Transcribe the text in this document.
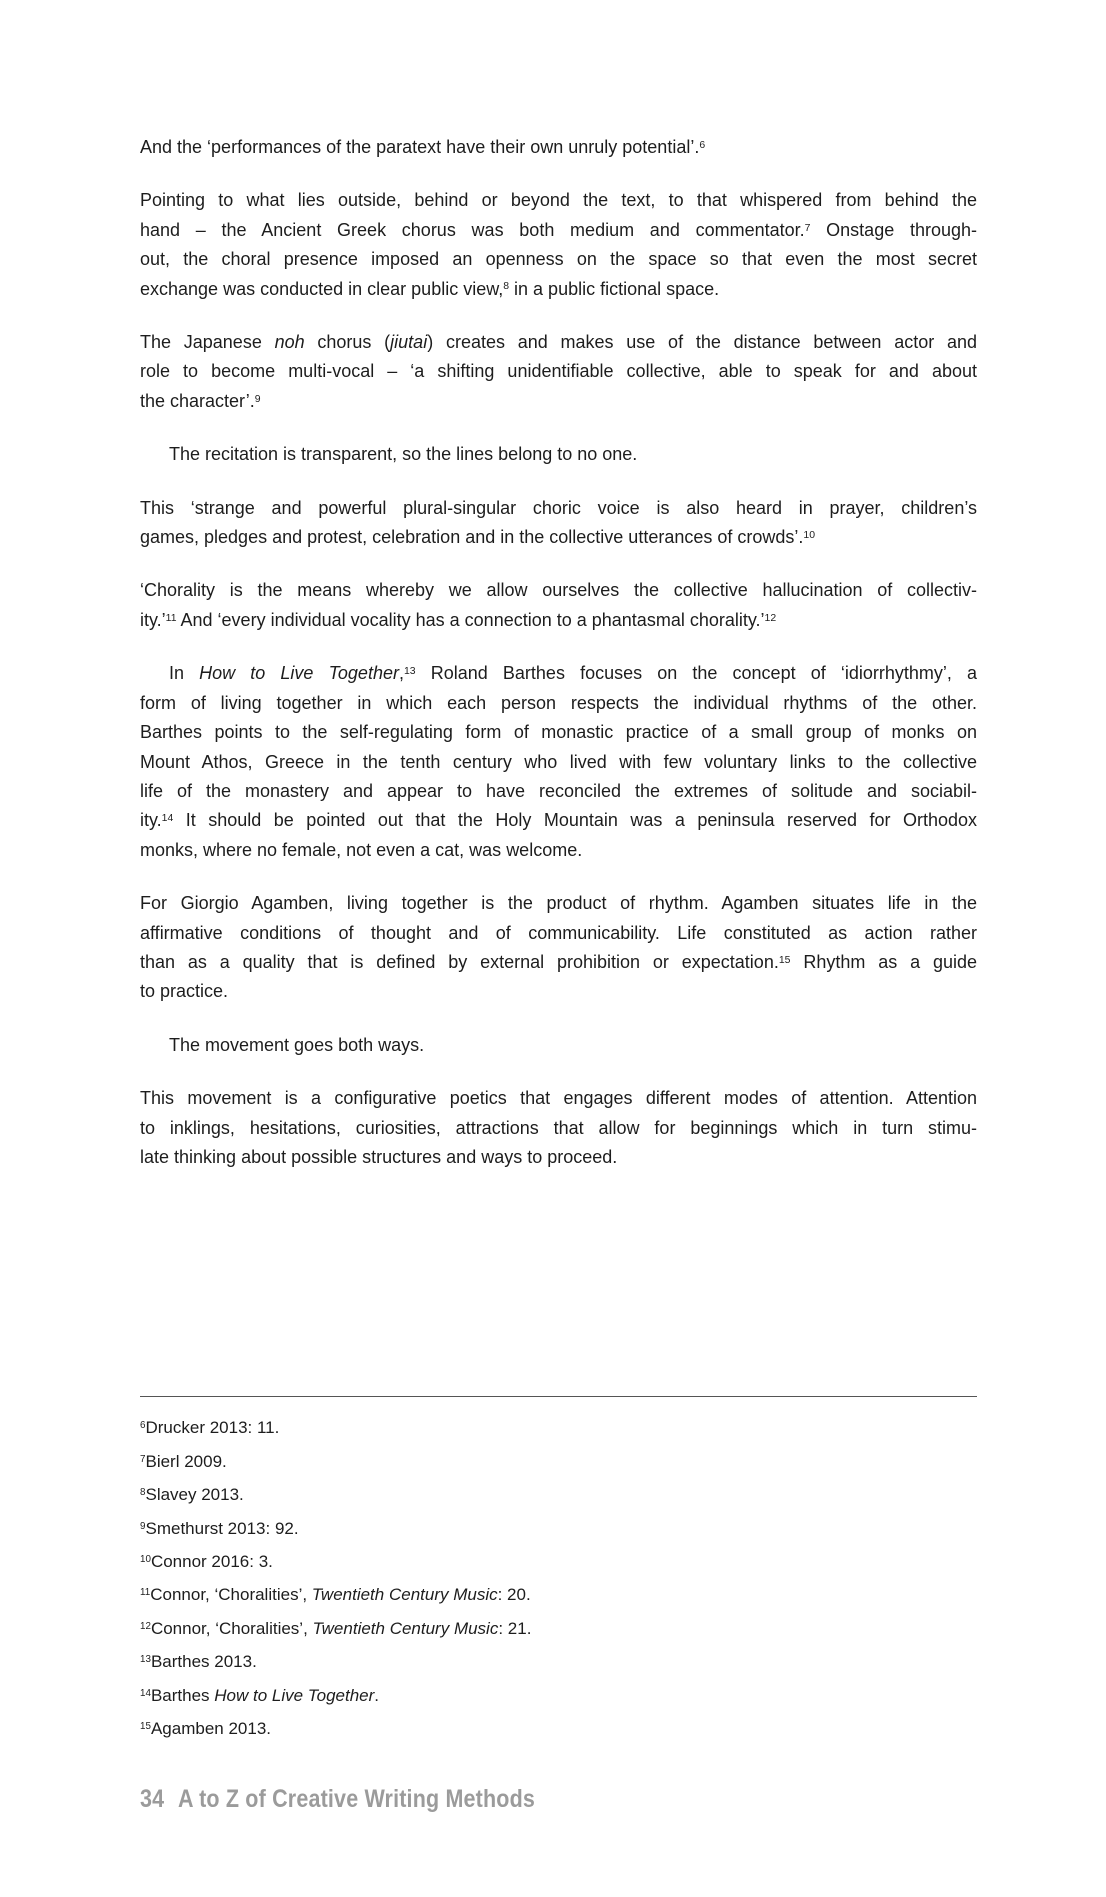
And the ‘performances of the paratext have their own unruly potential’.$^6$
Pointing to what lies outside, behind or beyond the text, to that whispered from behind the
hand – the Ancient Greek chorus was both medium and commentator.$^7$ Onstage through-
out, the choral presence imposed an openness on the space so that even the most secret
exchange was conducted in clear public view,$^8$ in a public fictional space.
The Japanese noh chorus (jiutai) creates and makes use of the distance between actor and
role to become multi-vocal – ‘a shifting unidentifiable collective, able to speak for and about
the character’.$^9$
The recitation is transparent, so the lines belong to no one.
This ‘strange and powerful plural-singular choric voice is also heard in prayer, children’s
games, pledges and protest, celebration and in the collective utterances of crowds’.$^{10}$
‘Chorality is the means whereby we allow ourselves the collective hallucination of collectiv-
ity.’$^{11}$ And ‘every individual vocality has a connection to a phantasmal chorality.’$^{12}$
In How to Live Together,$^{13}$ Roland Barthes focuses on the concept of ‘idiorrhythmy’, a
form of living together in which each person respects the individual rhythms of the other.
Barthes points to the self-regulating form of monastic practice of a small group of monks on
Mount Athos, Greece in the tenth century who lived with few voluntary links to the collective
life of the monastery and appear to have reconciled the extremes of solitude and sociabil-
ity.$^{14}$ It should be pointed out that the Holy Mountain was a peninsula reserved for Orthodox
monks, where no female, not even a cat, was welcome.
For Giorgio Agamben, living together is the product of rhythm. Agamben situates life in the
affirmative conditions of thought and of communicability. Life constituted as action rather
than as a quality that is defined by external prohibition or expectation.$^{15}$ Rhythm as a guide
to practice.
The movement goes both ways.
This movement is a configurative poetics that engages different modes of attention. Attention
to inklings, hesitations, curiosities, attractions that allow for beginnings which in turn stimu-
late thinking about possible structures and ways to proceed.
$^6$Drucker 2013: 11.
$^7$Bierl 2009.
$^8$Slavey 2013.
$^9$Smethurst 2013: 92.
$^{10}$Connor 2016: 3.
$^{11}$Connor, ‘Choralities’, Twentieth Century Music: 20.
$^{12}$Connor, ‘Choralities’, Twentieth Century Music: 21.
$^{13}$Barthes 2013.
$^{14}$Barthes How to Live Together.
$^{15}$Agamben 2013.
34 A to Z of Creative Writing Methods
